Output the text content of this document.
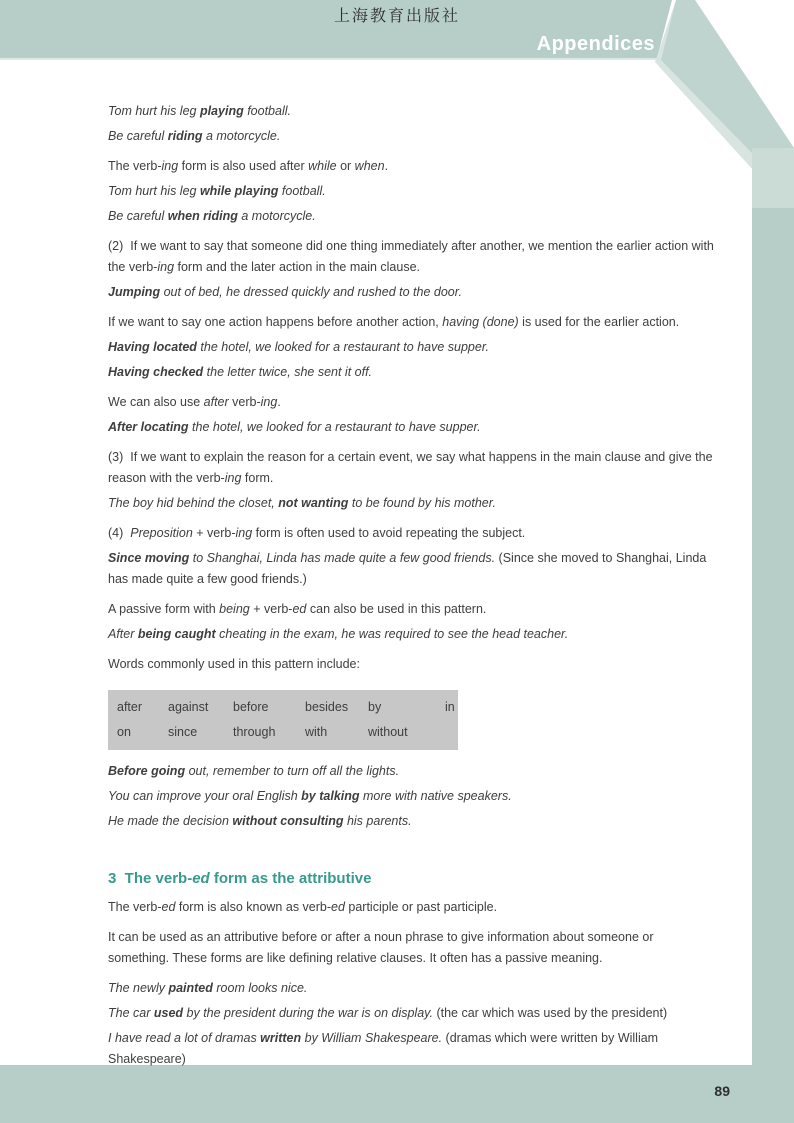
上海教育出版社
Appendices
89

Tom hurt his leg playing football.

Be careful riding a motorcycle.

The verb-ing form is also used after while or when.

Tom hurt his leg while playing football.

Be careful when riding a motorcycle.

(2)  If we want to say that someone did one thing immediately after another, we mention the earlier action with the verb-ing form and the later action in the main clause.

Jumping out of bed, he dressed quickly and rushed to the door.

If we want to say one action happens before another action, having (done) is used for the earlier action.

Having located the hotel, we looked for a restaurant to have supper.

Having checked the letter twice, she sent it off.

We can also use after verb-ing.

After locating the hotel, we looked for a restaurant to have supper.

(3)  If we want to explain the reason for a certain event, we say what happens in the main clause and give the reason with the verb-ing form.

The boy hid behind the closet, not wanting to be found by his mother.

(4)  Preposition + verb-ing form is often used to avoid repeating the subject.

Since moving to Shanghai, Linda has made quite a few good friends. (Since she moved to Shanghai, Linda has made quite a few good friends.)

A passive form with being + verb-ed can also be used in this pattern.

After being caught cheating in the exam, he was required to see the head teacher.

Words commonly used in this pattern include:

after	against	before	besides	by	in
on	since	through	with	without

Before going out, remember to turn off all the lights.

You can improve your oral English by talking more with native speakers.

He made the decision without consulting his parents.

3  The verb-ed form as the attributive

The verb-ed form is also known as verb-ed participle or past participle.

It can be used as an attributive before or after a noun phrase to give information about someone or something. These forms are like defining relative clauses. It often has a passive meaning.

The newly painted room looks nice.

The car used by the president during the war is on display. (the car which was used by the president)

I have read a lot of dramas written by William Shakespeare. (dramas which were written by William Shakespeare)
